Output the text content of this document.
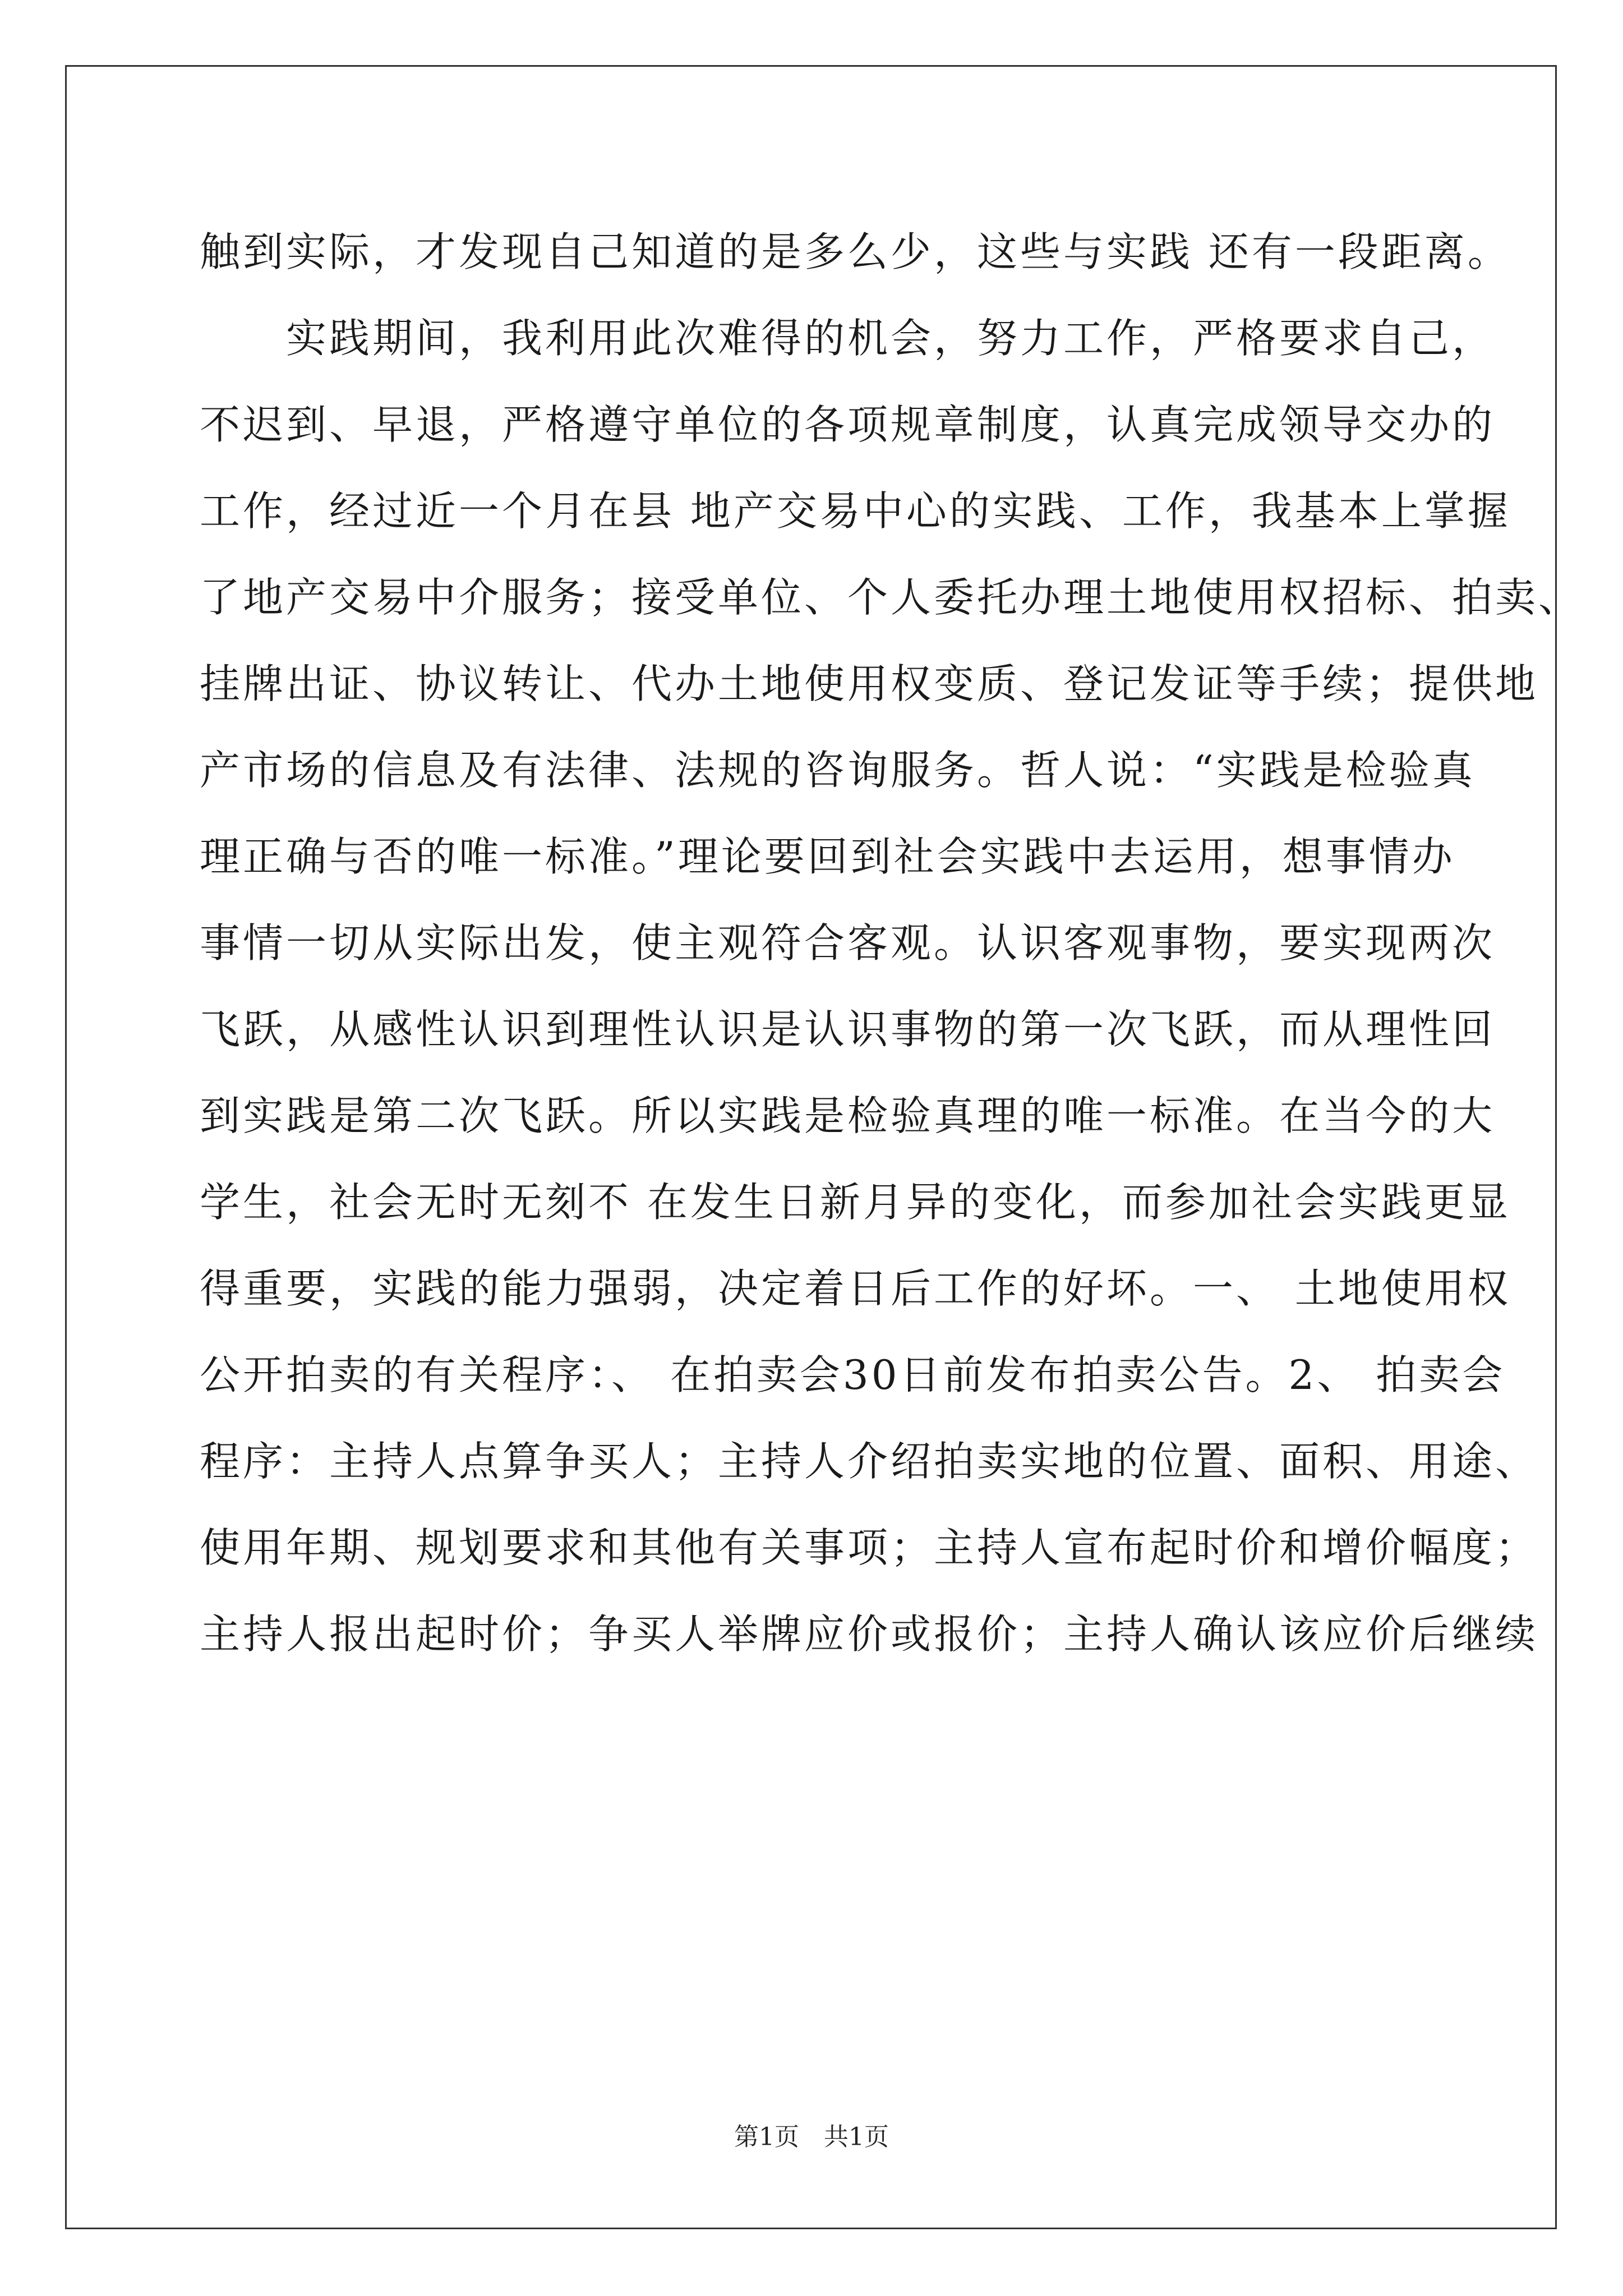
触到实际，才发现自己知道的是多么少，这些与实践 还有一段距离。
　　实践期间，我利用此次难得的机会，努力工作，严格要求自己，
不迟到、早退，严格遵守单位的各项规章制度，认真完成领导交办的
工作，经过近一个月在县 地产交易中心的实践、工作，我基本上掌握
了地产交易中介服务；接受单位、个人委托办理土地使用权招标、拍卖、
挂牌出证、协议转让、代办土地使用权变质、登记发证等手续；提供地
产市场的信息及有法律、法规的咨询服务。哲人说：“实践是检验真
理正确与否的唯一标准。”理论要回到社会实践中去运用，想事情办
事情一切从实际出发，使主观符合客观。认识客观事物，要实现两次
飞跃，从感性认识到理性认识是认识事物的第一次飞跃，而从理性回
到实践是第二次飞跃。所以实践是检验真理的唯一标准。在当今的大
学生，社会无时无刻不 在发生日新月异的变化，而参加社会实践更显
得重要，实践的能力强弱，决定着日后工作的好坏。一、 土地使用权
公开拍卖的有关程序：、 在拍卖会30日前发布拍卖公告。2、 拍卖会
程序：主持人点算争买人；主持人介绍拍卖实地的位置、面积、用途、
使用年期、规划要求和其他有关事项；主持人宣布起时价和增价幅度；
主持人报出起时价；争买人举牌应价或报价；主持人确认该应价后继续
第1页　共1页
